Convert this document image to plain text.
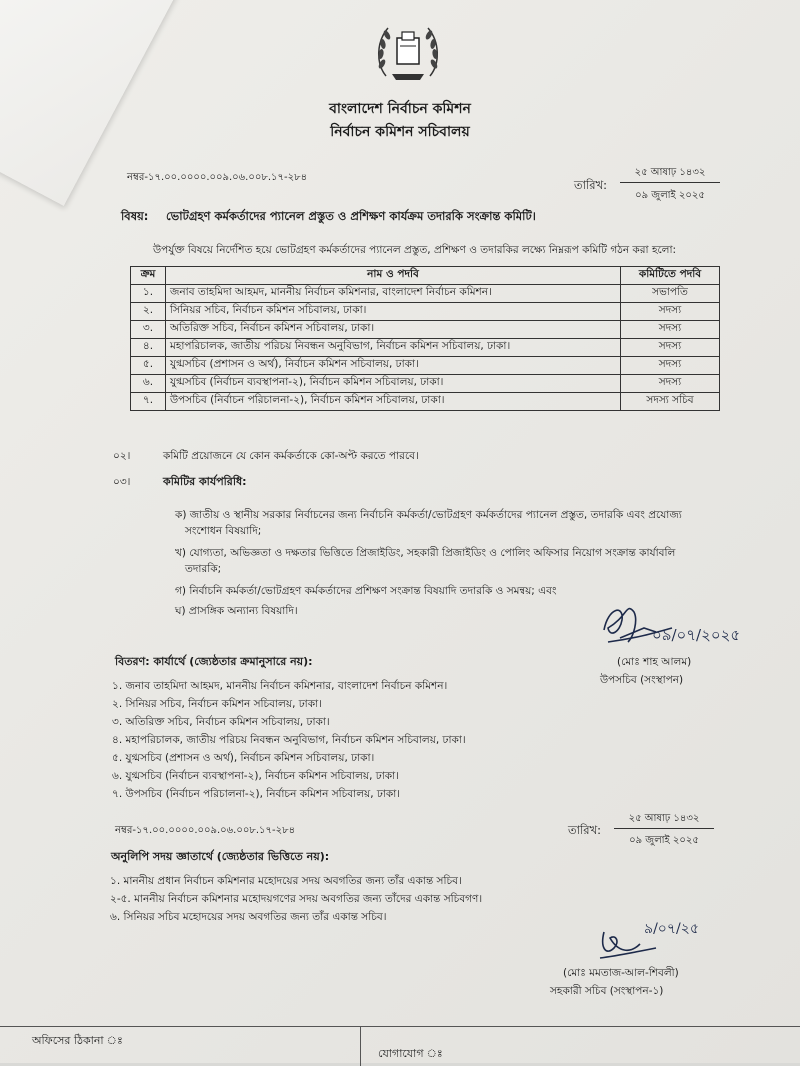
বাংলাদেশ নির্বাচন কমিশন
নির্বাচন কমিশন সচিবালয়
নম্বর-১৭.০০.০০০০.০০৯.০৬.০০৮.১৭-২৮৪
তারিখ:
২৫ আষাঢ় ১৪৩২
০৯ জুলাই ২০২৫
বিষয়: ভোটগ্রহণ কর্মকর্তাদের প্যানেল প্রস্তুত ও প্রশিক্ষণ কার্যক্রম তদারকি সংক্রান্ত কমিটি।
উপর্যুক্ত বিষয়ে নির্দেশিত হয়ে ভোটগ্রহণ কর্মকর্তাদের প্যানেল প্রস্তুত, প্রশিক্ষণ ও তদারকির লক্ষ্যে নিম্নরূপ কমিটি গঠন করা হলো:
ক্রম	নাম ও পদবি	কমিটিতে পদবি
১.	জনাব তাহমিদা আহমদ, মাননীয় নির্বাচন কমিশনার, বাংলাদেশ নির্বাচন কমিশন।	সভাপতি
২.	সিনিয়র সচিব, নির্বাচন কমিশন সচিবালয়, ঢাকা।	সদস্য
৩.	অতিরিক্ত সচিব, নির্বাচন কমিশন সচিবালয়, ঢাকা।	সদস্য
৪.	মহাপরিচালক, জাতীয় পরিচয় নিবন্ধন অনুবিভাগ, নির্বাচন কমিশন সচিবালয়, ঢাকা।	সদস্য
৫.	যুগ্মসচিব (প্রশাসন ও অর্থ), নির্বাচন কমিশন সচিবালয়, ঢাকা।	সদস্য
৬.	যুগ্মসচিব (নির্বাচন ব্যবস্থাপনা-২), নির্বাচন কমিশন সচিবালয়, ঢাকা।	সদস্য
৭.	উপসচিব (নির্বাচন পরিচালনা-২), নির্বাচন কমিশন সচিবালয়, ঢাকা।	সদস্য সচিব
০২।	কমিটি প্রয়োজনে যে কোন কর্মকর্তাকে কো-অপ্ট করতে পারবে।
০৩।	কমিটির কার্যপরিধি:
ক) জাতীয় ও স্থানীয় সরকার নির্বাচনের জন্য নির্বাচনি কর্মকর্তা/ভোটগ্রহণ কর্মকর্তাদের প্যানেল প্রস্তুত, তদারকি এবং প্রযোজ্য
সংশোধন বিষয়াদি;
খ) যোগ্যতা, অভিজ্ঞতা ও দক্ষতার ভিত্তিতে প্রিজাইডিং, সহকারী প্রিজাইডিং ও পোলিং অফিসার নিয়োগ সংক্রান্ত কার্যাবলি
তদারকি;
গ) নির্বাচনি কর্মকর্তা/ভোটগ্রহণ কর্মকর্তাদের প্রশিক্ষণ সংক্রান্ত বিষয়াদি তদারকি ও সমন্বয়; এবং
ঘ) প্রাসঙ্গিক অন্যান্য বিষয়াদি।
০৯/০৭/২০২৫
(মোঃ শাহ আলম)
উপসচিব (সংস্থাপন)
বিতরণ: কার্যার্থে (জ্যেষ্ঠতার ক্রমানুসারে নয়):
১. জনাব তাহমিদা আহমদ, মাননীয় নির্বাচন কমিশনার, বাংলাদেশ নির্বাচন কমিশন।
২. সিনিয়র সচিব, নির্বাচন কমিশন সচিবালয়, ঢাকা।
৩. অতিরিক্ত সচিব, নির্বাচন কমিশন সচিবালয়, ঢাকা।
৪. মহাপরিচালক, জাতীয় পরিচয় নিবন্ধন অনুবিভাগ, নির্বাচন কমিশন সচিবালয়, ঢাকা।
৫. যুগ্মসচিব (প্রশাসন ও অর্থ), নির্বাচন কমিশন সচিবালয়, ঢাকা।
৬. যুগ্মসচিব (নির্বাচন ব্যবস্থাপনা-২), নির্বাচন কমিশন সচিবালয়, ঢাকা।
৭. উপসচিব (নির্বাচন পরিচালনা-২), নির্বাচন কমিশন সচিবালয়, ঢাকা।
নম্বর-১৭.০০.০০০০.০০৯.০৬.০০৮.১৭-২৮৪	তারিখ:
২৫ আষাঢ় ১৪৩২
০৯ জুলাই ২০২৫
অনুলিপি সদয় জ্ঞাতার্থে (জ্যেষ্ঠতার ভিত্তিতে নয়):
১. মাননীয় প্রধান নির্বাচন কমিশনার মহোদয়ের সদয় অবগতির জন্য তাঁর একান্ত সচিব।
২-৫. মাননীয় নির্বাচন কমিশনার মহোদয়গণের সদয় অবগতির জন্য তাঁদের একান্ত সচিবগণ।
৬. সিনিয়র সচিব মহোদয়ের সদয় অবগতির জন্য তাঁর একান্ত সচিব।
৯/০৭/২৫
(মোঃ মমতাজ-আল-শিবলী)
সহকারী সচিব (সংস্থাপন-১)
অফিসের ঠিকানা ঃ
যোগাযোগ ঃ
